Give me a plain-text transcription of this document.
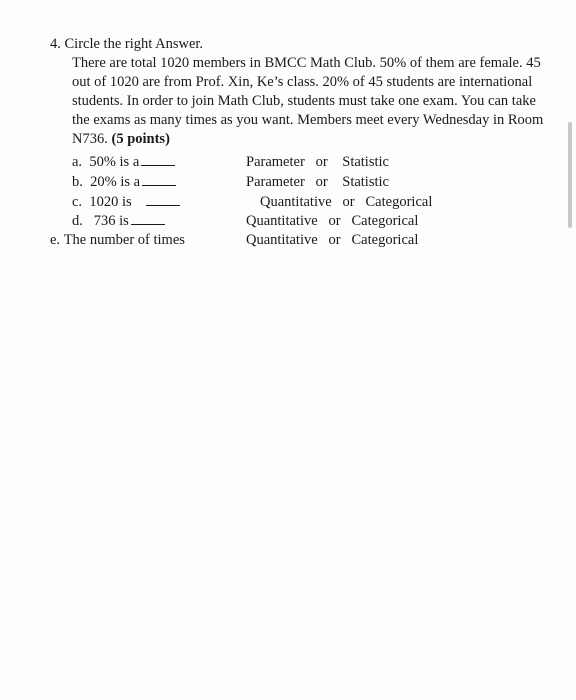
4. Circle the right Answer.
There are total 1020 members in BMCC Math Club. 50% of them are female. 45
out of 1020 are from Prof. Xin, Ke’s class. 20% of 45 students are international
students. In order to join Math Club, students must take one exam. You can take
the exams as many times as you want. Members meet every Wednesday in Room
N736. (5 points)
a. 50% is a	Parameter or Statistic
b. 20% is a	Parameter or Statistic
c. 1020 is	Quantitative or Categorical
d. 736 is	Quantitative or Categorical
e. The number of times	Quantitative or Categorical
